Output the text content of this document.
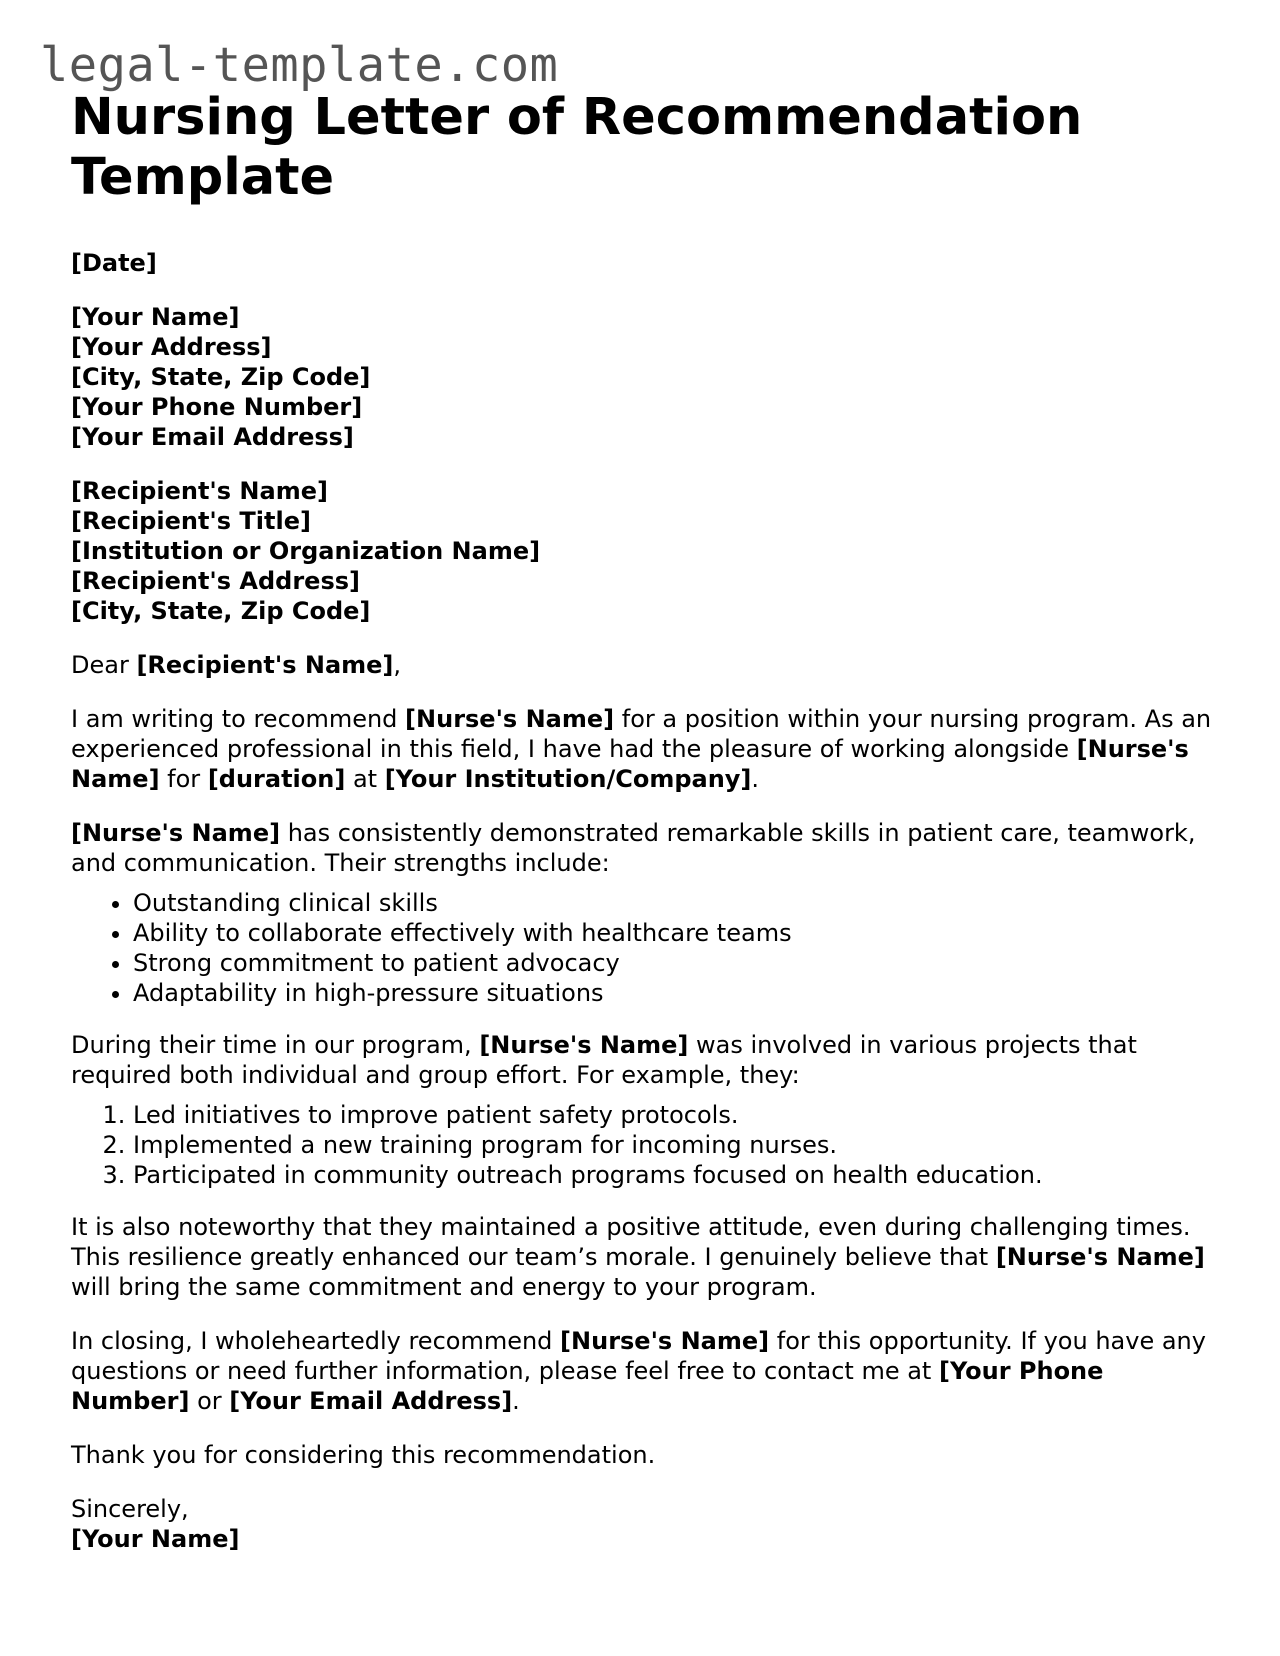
legal-template.com
Nursing Letter of Recommendation Template

[Date]

[Your Name]
[Your Address]
[City, State, Zip Code]
[Your Phone Number]
[Your Email Address]

[Recipient's Name]
[Recipient's Title]
[Institution or Organization Name]
[Recipient's Address]
[City, State, Zip Code]

Dear [Recipient's Name],

I am writing to recommend [Nurse's Name] for a position within your nursing program. As an experienced professional in this field, I have had the pleasure of working alongside [Nurse's Name] for [duration] at [Your Institution/Company].

[Nurse's Name] has consistently demonstrated remarkable skills in patient care, teamwork, and communication. Their strengths include:

• Outstanding clinical skills
• Ability to collaborate effectively with healthcare teams
• Strong commitment to patient advocacy
• Adaptability in high-pressure situations

During their time in our program, [Nurse's Name] was involved in various projects that required both individual and group effort. For example, they:

1. Led initiatives to improve patient safety protocols.
2. Implemented a new training program for incoming nurses.
3. Participated in community outreach programs focused on health education.

It is also noteworthy that they maintained a positive attitude, even during challenging times. This resilience greatly enhanced our team’s morale. I genuinely believe that [Nurse's Name] will bring the same commitment and energy to your program.

In closing, I wholeheartedly recommend [Nurse's Name] for this opportunity. If you have any questions or need further information, please feel free to contact me at [Your Phone Number] or [Your Email Address].

Thank you for considering this recommendation.

Sincerely,

[Your Name]
